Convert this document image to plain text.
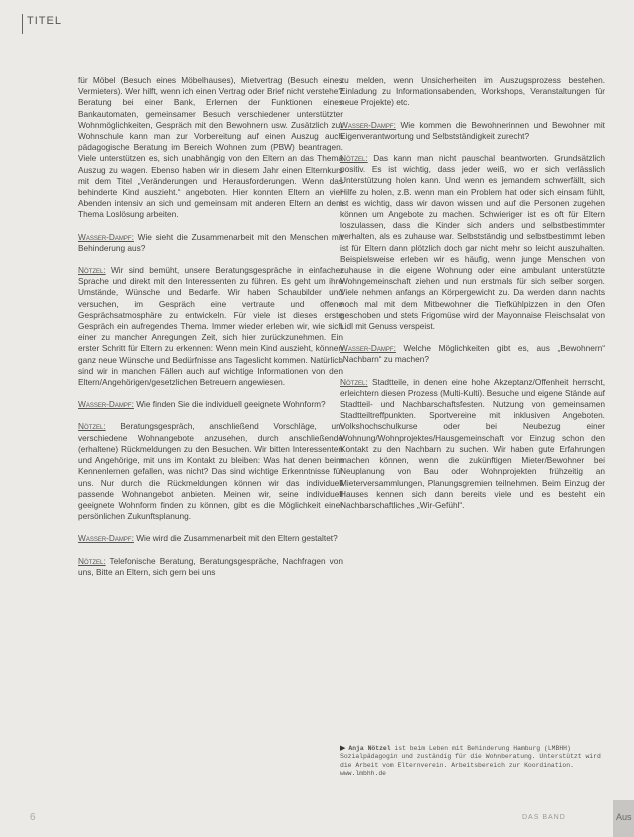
TITEL

für Möbel (Besuch eines Möbelhauses), Mietvertrag (Besuch eines Vermieters). Wer hilft, wenn ich einen Vertrag oder Brief nicht verstehe? Beratung bei einer Bank, Erlernen der Funktionen eines Bankautomaten, gemeinsamer Besuch verschiedener unterstützter Wohnmöglichkeiten, Gespräch mit den Bewohnern usw. Zusätzlich zur Wohnschule kann man zur Vorbereitung auf einen Auszug auch pädagogische Beratung im Bereich Wohnen zum (PBW) beantragen. Viele unterstützen es, sich unabhängig von den Eltern an das Thema Auszug zu wagen. Ebenso haben wir in diesem Jahr einen Elternkurs mit dem Titel „Veränderungen und Herausforderungen. Wenn das behinderte Kind auszieht.“ angeboten. Hier konnten Eltern an vier Abenden intensiv an sich und gemeinsam mit anderen Eltern an dem Thema Loslösung arbeiten.

Wasser-Dampf: Wie sieht die Zusammenarbeit mit den Menschen mit Behinderung aus?

Nötzel: Wir sind bemüht, unsere Beratungsgespräche in einfacher Sprache und direkt mit den Interessenten zu führen. Es geht um ihre Umstände, Wünsche und Bedarfe. Wir haben Schaubilder und versuchen, im Gespräch eine vertraute und offene Gesprächsatmosphäre zu entwickeln. Für viele ist dieses erste Gespräch ein aufregendes Thema. Immer wieder erleben wir, wie sich einer zu mancher Anregungen Zeit, sich hier zurückzunehmen. Ein erster Schritt für Eltern zu erkennen: Wenn mein Kind auszieht, können ganz neue Wünsche und Bedürfnisse ans Tageslicht kommen. Natürlich sind wir in manchen Fällen auch auf wichtige Informationen von den Eltern/Angehörigen/gesetzlichen Betreuern angewiesen.

Wasser-Dampf: Wie finden Sie die individuell geeignete Wohnform?

Nötzel: Beratungsgespräch, anschließend Vorschläge, um verschiedene Wohnangebote anzusehen, durch anschließende (erhaltene) Rückmeldungen zu den Besuchen. Wir bitten Interessenten und Angehörige, mit uns im Kontakt zu bleiben: Was hat denen beim Kennenlernen gefallen, was nicht? Das sind wichtige Erkenntnisse für uns. Nur durch die Rückmeldungen können wir das individuell passende Wohnangebot anbieten. Meinen wir, seine individuell geeignete Wohnform finden zu können, gibt es die Möglichkeit einer persönlichen Zukunftsplanung.

Wasser-Dampf: Wie wird die Zusammenarbeit mit den Eltern gestaltet?

Nötzel: Telefonische Beratung, Beratungsgespräche, Nachfragen von uns, Bitte an Eltern, sich gern bei uns

zu melden, wenn Unsicherheiten im Auszugsprozess bestehen. Einladung zu Informationsabenden, Workshops, Veranstaltungen für neue Projekte) etc.

Wasser-Dampf: Wie kommen die Bewohnerinnen und Bewohner mit Eigenverantwortung und Selbstständigkeit zurecht?

Nötzel: Das kann man nicht pauschal beantworten. Grundsätzlich positiv. Es ist wichtig, dass jeder weiß, wo er sich verlässlich Unterstützung holen kann. Und wenn es jemandem schwerfällt, sich Hilfe zu holen, z.B. wenn man ein Problem hat oder sich einsam fühlt, ist es wichtig, dass wir davon wissen und auf die Personen zugehen können um Angebote zu machen. Schwieriger ist es oft für Eltern loszulassen, dass die Kinder sich anders und selbstbestimmter verhalten, als es zuhause war. Selbstständig und selbstbestimmt leben ist für Eltern dann plötzlich doch gar nicht mehr so leicht auszuhalten. Beispielsweise erleben wir es häufig, wenn junge Menschen von zuhause in die eigene Wohnung oder eine ambulant unterstützte Wohngemeinschaft ziehen und nun erstmals für sich selber sorgen. Viele nehmen anfangs an Körpergewicht zu. Da werden dann nachts noch mal mit dem Mitbewohner die Tiefkühlpizzen in den Ofen geschoben und stets Frigomüse wird der Mayonnaise Fleischsalat von Lidl mit Genuss verspeist.

Wasser-Dampf: Welche Möglichkeiten gibt es, aus „Bewohnern“ „Nachbarn“ zu machen?

Nötzel: Stadtteile, in denen eine hohe Akzeptanz/Offenheit herrscht, erleichtern diesen Prozess (Multi-Kulti). Besuche und eigene Stände auf Stadtteil- und Nachbarschaftsfesten. Nutzung von gemeinsamen Stadtteiltreffpunkten. Sportvereine mit inklusiven Angeboten. Volkshochschulkurse oder bei Neubezug einer Wohnung/Wohnprojektes/Hausgemeinschaft vor Einzug schon den Kontakt zu den Nachbarn zu suchen. Wir haben gute Erfahrungen machen können, wenn die zukünftigen Mieter/Bewohner bei Neuplanung von Bau oder Wohnprojekten frühzeitig an Mieterversammlungen, Planungsgremien teilnehmen. Beim Einzug der Hauses kennen sich dann bereits viele und es besteht ein Nachbarschaftliches „Wir-Gefühl“.

▶ Anja Nötzel ist beim Leben mit Behinderung Hamburg (LMBHH) Sozialpädagogin und zuständig für die Wohnberatung. Unterstützt wird die Arbeit vom Elternverein. Arbeitsbereich zur Koordination. www.lmbhh.de
6	DAS BAND	Aus
